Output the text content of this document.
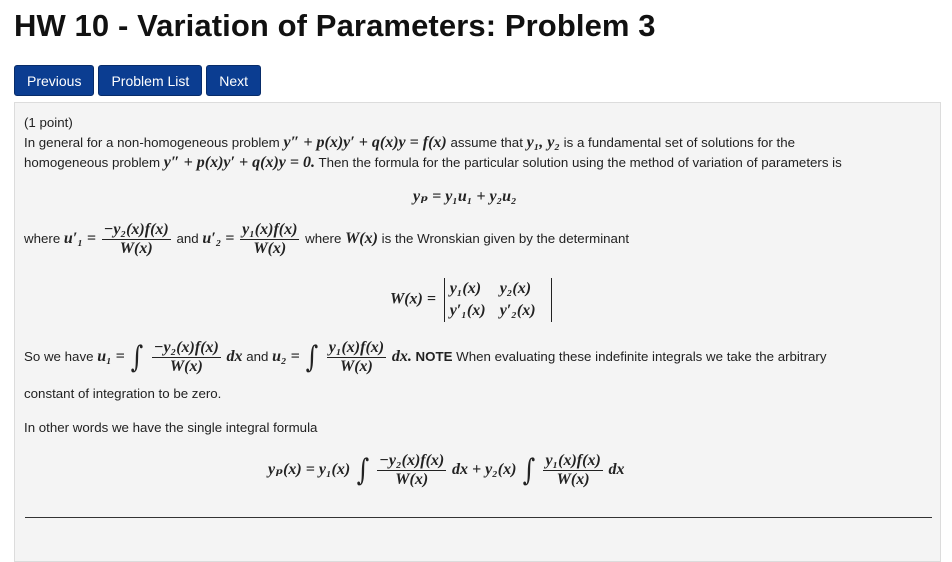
HW 10 - Variation of Parameters: Problem 3
Previous	Problem List	Next
(1 point)
In general for a non-homogeneous problem y″ + p(x)y′ + q(x)y = f(x) assume that y₁, y₂ is a fundamental set of solutions for the
homogeneous problem y″ + p(x)y′ + q(x)y = 0. Then the formula for the particular solution using the method of variation of parameters is
yₚ = y₁u₁ + y₂u₂
where $u'_1 = \frac{\text{−y₂(x)f(x)}}{W(x)}$ and $u'_2 = \frac{\text{y₁(x)f(x)}}{W(x)}$ where W(x) is the Wronskian given by the determinant
W(x) =
y₁(x) y₂(x)
y′₁(x) y′₂(x)
So we have u₁ = ∫ $\frac{\text{−y₂(x)f(x)}}{W(x)}$ dx and u₂ = ∫ $\frac{\text{y₁(x)f(x)}}{W(x)}$ dx. NOTE When evaluating these indefinite integrals we take the arbitrary
constant of integration to be zero.
In other words we have the single integral formula
yₚ(x) = y₁(x) ∫ $\frac{\text{−y₂(x)f(x)}}{W(x)}$ dx + y₂(x) ∫ $\frac{\text{y₁(x)f(x)}}{W(x)}$ dx
